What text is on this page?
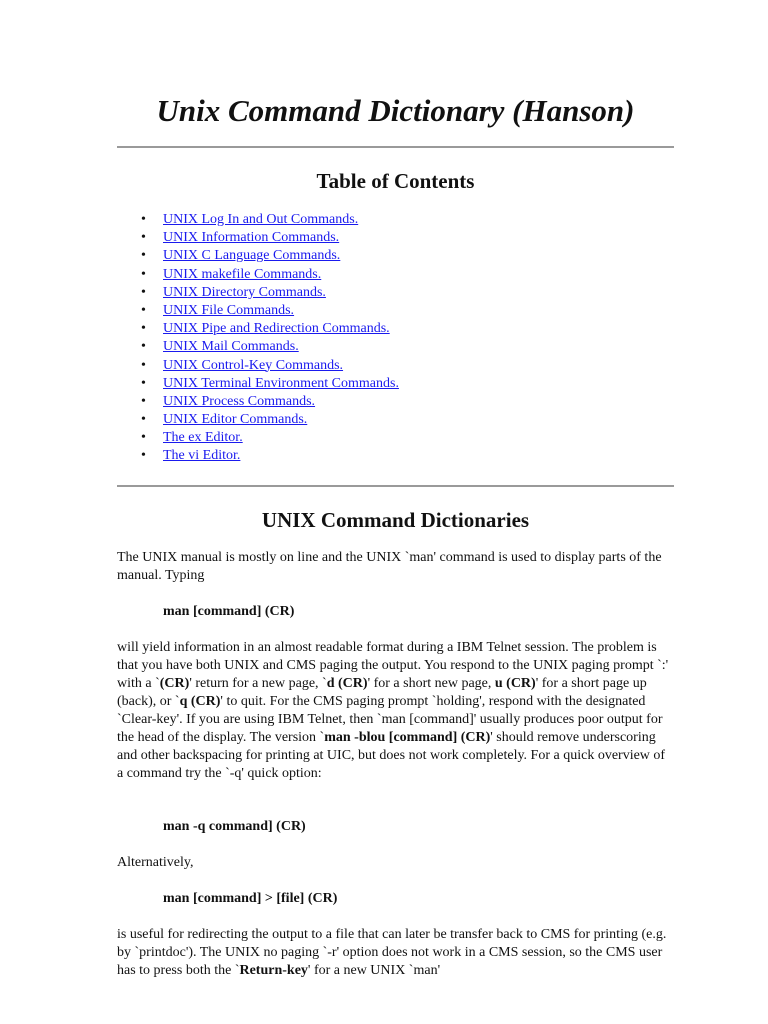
Unix Command Dictionary (Hanson)
Table of Contents
• UNIX Log In and Out Commands.
• UNIX Information Commands.
• UNIX C Language Commands.
• UNIX makefile Commands.
• UNIX Directory Commands.
• UNIX File Commands.
• UNIX Pipe and Redirection Commands.
• UNIX Mail Commands.
• UNIX Control-Key Commands.
• UNIX Terminal Environment Commands.
• UNIX Process Commands.
• UNIX Editor Commands.
• The ex Editor.
• The vi Editor.
UNIX Command Dictionaries

The UNIX manual is mostly on line and the UNIX `man' command is used to display parts of the manual. Typing

man [command] (CR)

will yield information in an almost readable format during a IBM Telnet session. The problem is that you have both UNIX and CMS paging the output. You respond to the UNIX paging prompt `:' with a `(CR)' return for a new page, `d (CR)' for a short new page, u (CR)' for a short page up (back), or `q (CR)' to quit. For the CMS paging prompt `holding', respond with the designated `Clear-key'. If you are using IBM Telnet, then `man [command]' usually produces poor output for the head of the display. The version `man -blou [command] (CR)' should remove underscoring and other backspacing for printing at UIC, but does not work completely. For a quick overview of a command try the `-q' quick option:

man -q command] (CR)

Alternatively,

man [command] > [file] (CR)

is useful for redirecting the output to a file that can later be transfer back to CMS for printing (e.g. by `printdoc'). The UNIX no paging `-r' option does not work in a CMS session, so the CMS user has to press both the `Return-key' for a new UNIX `man'
